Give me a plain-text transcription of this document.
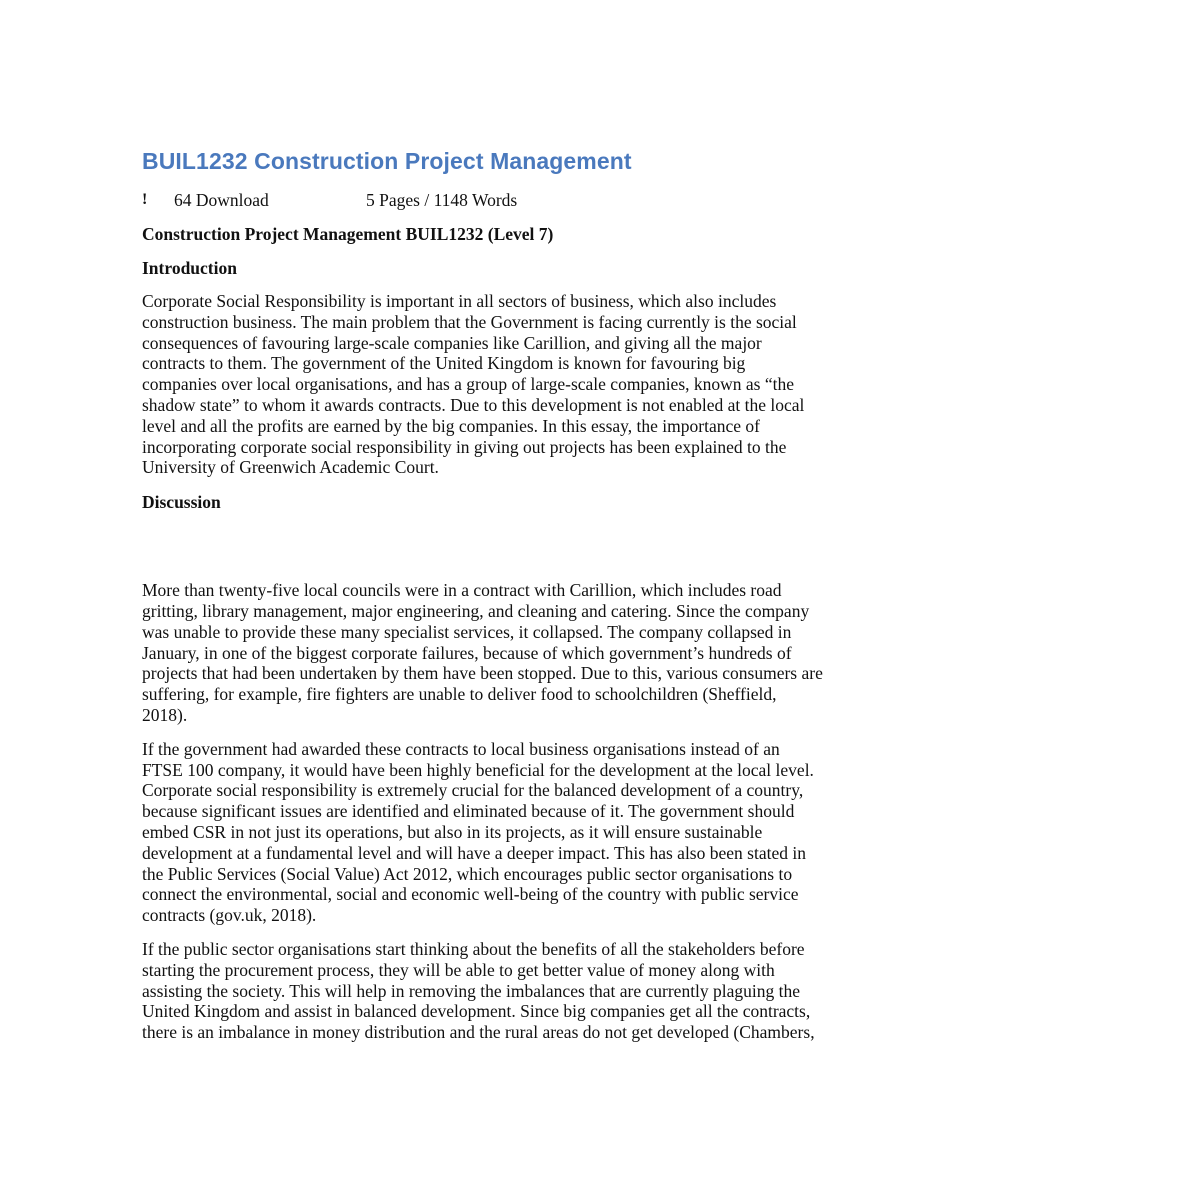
BUIL1232 Construction Project Management
!	64 Download	5 Pages / 1148 Words
Construction Project Management BUIL1232 (Level 7)
Introduction
Corporate Social Responsibility is important in all sectors of business, which also includes
construction business. The main problem that the Government is facing currently is the social
consequences of favouring large-scale companies like Carillion, and giving all the major
contracts to them. The government of the United Kingdom is known for favouring big
companies over local organisations, and has a group of large-scale companies, known as “the
shadow state” to whom it awards contracts. Due to this development is not enabled at the local
level and all the profits are earned by the big companies. In this essay, the importance of
incorporating corporate social responsibility in giving out projects has been explained to the
University of Greenwich Academic Court.
Discussion
More than twenty-five local councils were in a contract with Carillion, which includes road
gritting, library management, major engineering, and cleaning and catering. Since the company
was unable to provide these many specialist services, it collapsed. The company collapsed in
January, in one of the biggest corporate failures, because of which government’s hundreds of
projects that had been undertaken by them have been stopped. Due to this, various consumers are
suffering, for example, fire fighters are unable to deliver food to schoolchildren (Sheffield,
2018).
If the government had awarded these contracts to local business organisations instead of an
FTSE 100 company, it would have been highly beneficial for the development at the local level.
Corporate social responsibility is extremely crucial for the balanced development of a country,
because significant issues are identified and eliminated because of it. The government should
embed CSR in not just its operations, but also in its projects, as it will ensure sustainable
development at a fundamental level and will have a deeper impact. This has also been stated in
the Public Services (Social Value) Act 2012, which encourages public sector organisations to
connect the environmental, social and economic well-being of the country with public service
contracts (gov.uk, 2018).
If the public sector organisations start thinking about the benefits of all the stakeholders before
starting the procurement process, they will be able to get better value of money along with
assisting the society. This will help in removing the imbalances that are currently plaguing the
United Kingdom and assist in balanced development. Since big companies get all the contracts,
there is an imbalance in money distribution and the rural areas do not get developed (Chambers,
